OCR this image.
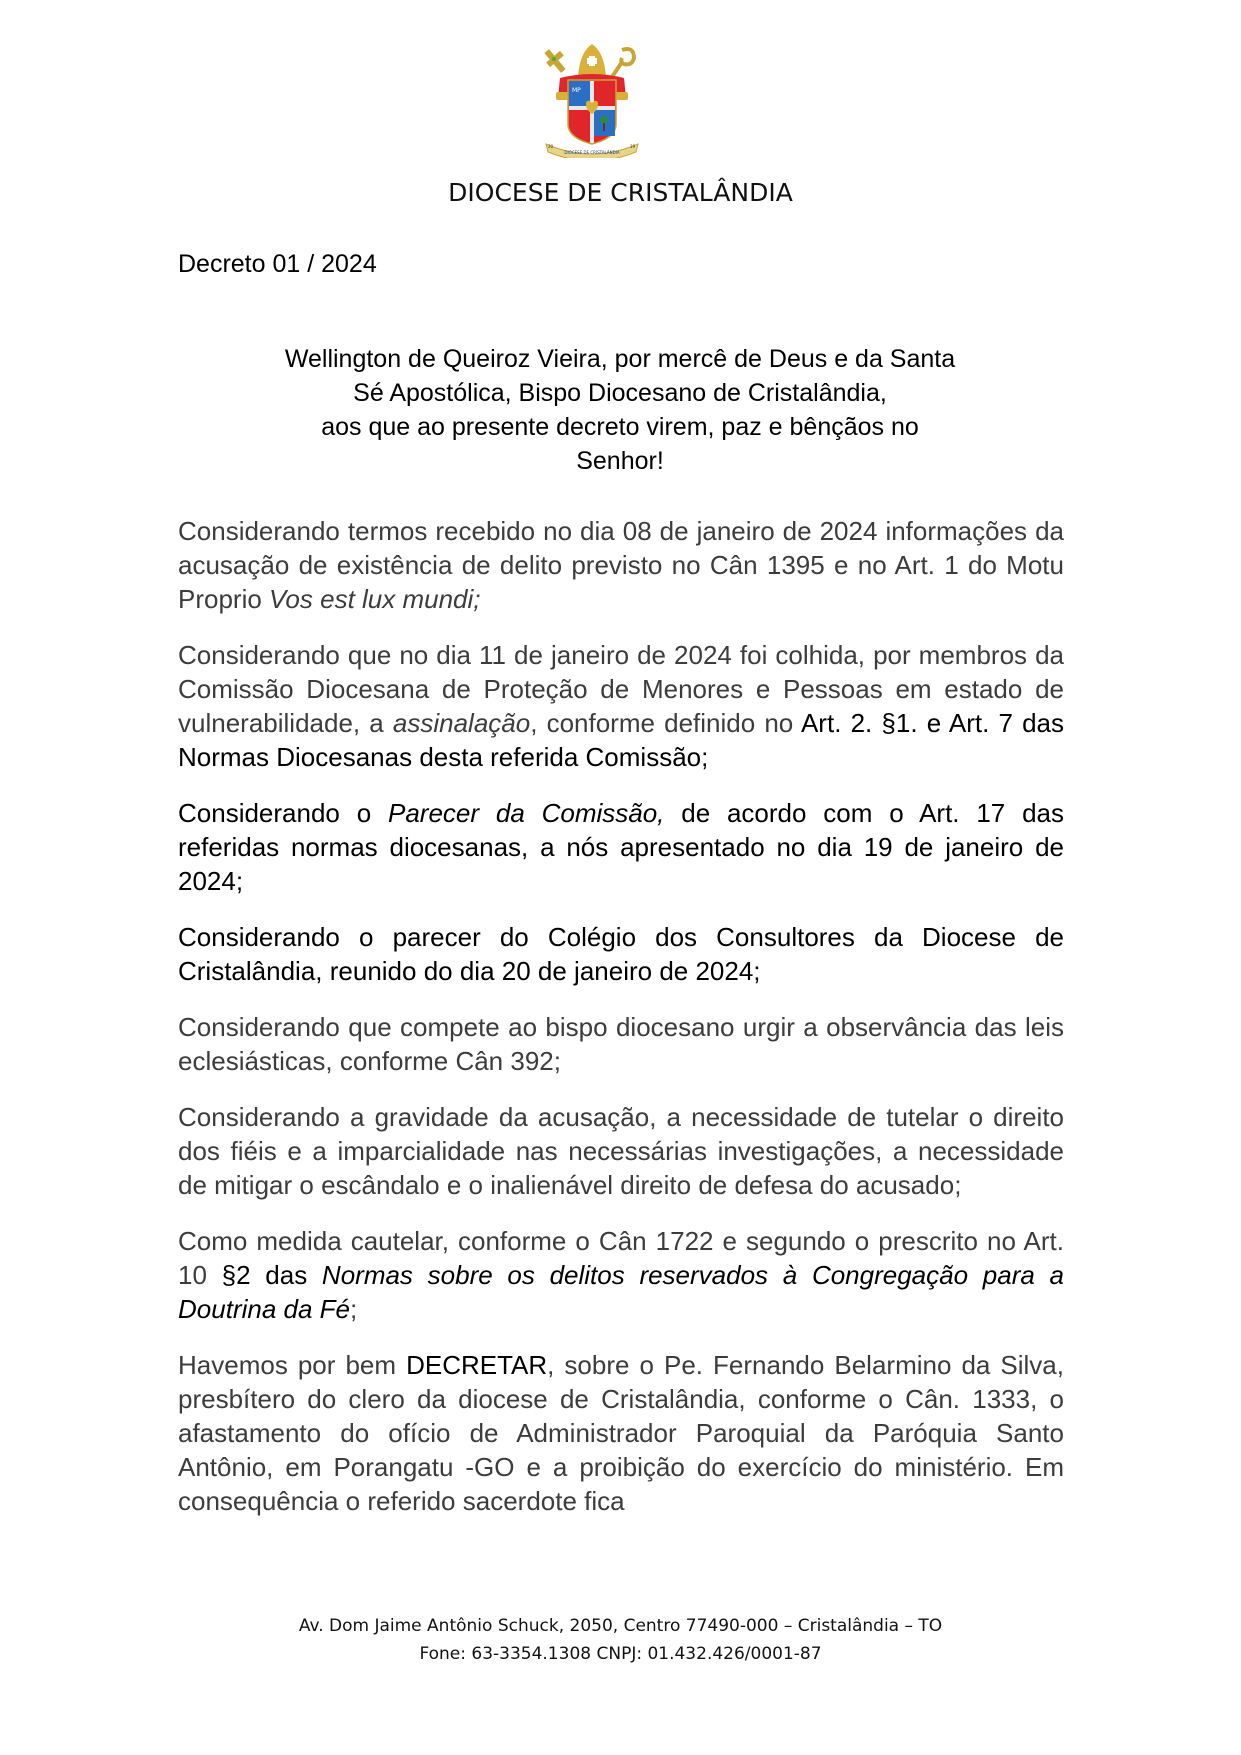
MP
20	19
DIOCESE DE CRISTALÂNDIA
DIOCESE DE CRISTALÂNDIA
Decreto 01 / 2024
Wellington de Queiroz Vieira, por mercê de Deus e da Santa
Sé Apostólica, Bispo Diocesano de Cristalândia,
aos que ao presente decreto virem, paz e bênçãos no
Senhor!

Considerando termos recebido no dia 08 de janeiro de 2024 informações da acusação de existência de delito previsto no Cân 1395 e no Art. 1 do Motu Proprio Vos est lux mundi;

Considerando que no dia 11 de janeiro de 2024 foi colhida, por membros da Comissão Diocesana de Proteção de Menores e Pessoas em estado de vulnerabilidade, a assinalação, conforme definido no Art. 2. §1. e Art. 7 das Normas Diocesanas desta referida Comissão;

Considerando o Parecer da Comissão, de acordo com o Art. 17 das referidas normas diocesanas, a nós apresentado no dia 19 de janeiro de 2024;

Considerando o parecer do Colégio dos Consultores da Diocese de Cristalândia, reunido do dia 20 de janeiro de 2024;

Considerando que compete ao bispo diocesano urgir a observância das leis eclesiásticas, conforme Cân 392;

Considerando a gravidade da acusação, a necessidade de tutelar o direito dos fiéis e a imparcialidade nas necessárias investigações, a necessidade de mitigar o escândalo e o inalienável direito de defesa do acusado;

Como medida cautelar, conforme o Cân 1722 e segundo o prescrito no Art. 10 §2 das Normas sobre os delitos reservados à Congregação para a Doutrina da Fé;

Havemos por bem DECRETAR, sobre o Pe. Fernando Belarmino da Silva, presbítero do clero da diocese de Cristalândia, conforme o Cân. 1333, o afastamento do ofício de Administrador Paroquial da Paróquia Santo Antônio, em Porangatu -GO e a proibição do exercício do ministério. Em consequência o referido sacerdote fica

Av. Dom Jaime Antônio Schuck, 2050, Centro 77490-000 – Cristalândia – TO
Fone: 63-3354.1308 CNPJ: 01.432.426/0001-87
